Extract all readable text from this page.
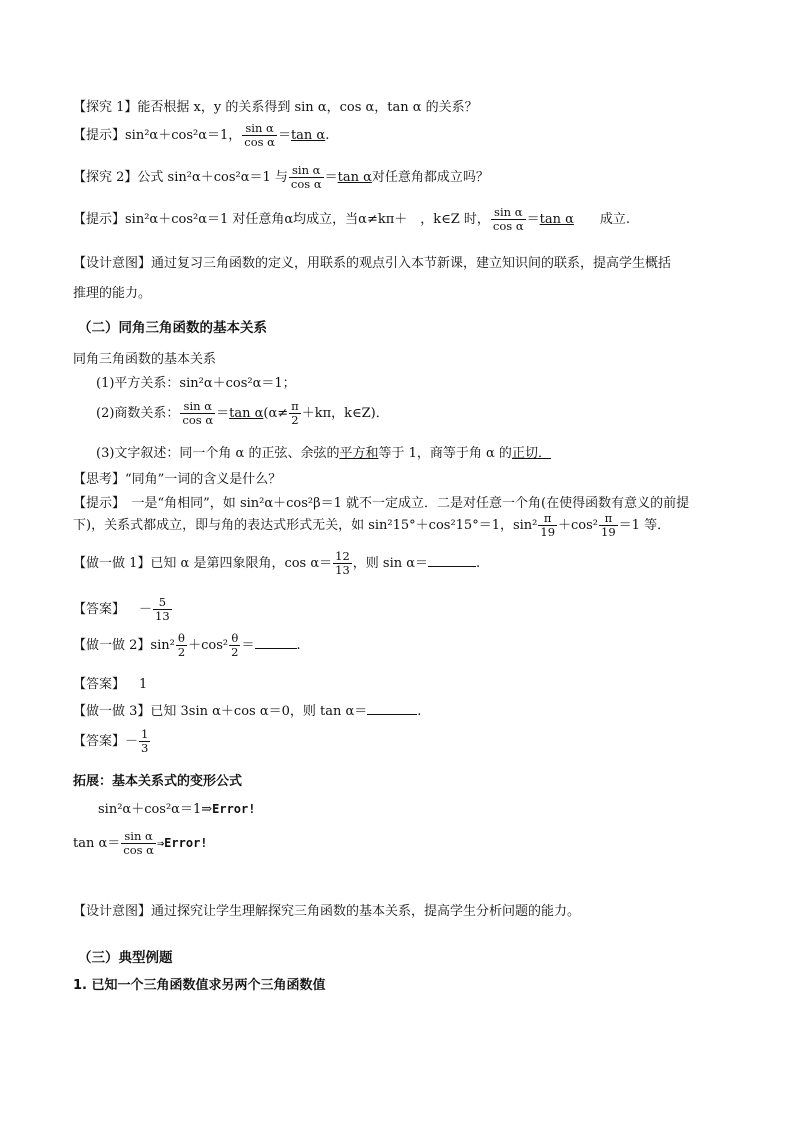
【探究 1】能否根据 x，y 的关系得到 sin α，cos α，tan α 的关系？
【提示】sin²α＋cos²α＝1， $\frac{\text{sin α}}{\text{cos α}} =\tan$ α.
【探究 2】公式 sin²α＋cos²α＝1 与 $\frac{\text{sin α}}{\text{cos α}} =\tan$ α对任意角都成立吗？
【提示】sin²α＋cos²α＝1 对任意角α均成立，当α≠kπ＋　，k∈Z 时， $\frac{\text{sin α}}{\text{cos α}} =\tan$ α 成立.
【设计意图】通过复习三角函数的定义，用联系的观点引入本节新课，建立知识间的联系，提高学生概括
推理的能力。
（二）同角三角函数的基本关系
同角三角函数的基本关系
(1)平方关系：sin²α＋cos²α＝1；
(2)商数关系： $\frac{\text{sin α}}{\text{cos α}} =\tan$ $\alpha(\alpha\ne \frac{\pi}{2} +k\pi$，k∈Z)．
(3)文字叙述：同一个角 α 的正弦、余弦的平方和等于 1，商等于角 α 的正切．
【思考】“同角”一词的含义是什么？
【提示】　一是“角相同”，如 sin²α＋cos²β＝1 就不一定成立．二是对任意一个角(在使得函数有意义的前提
下)，关系式都成立，即与角的表达式形式无关，如 sin²15°＋cos²15°＝1，$\sin^2 \frac{\pi}{19} +\cos^2 \frac{\pi}{19} =1$ 等．
【做一做 1】已知 α 是第四象限角，$\cos \alpha= \frac{12}{13}$ ，则 sin α＝	.
【答案】 － $\frac{5}{13}$
【做一做 2】$\sin^2 \frac{\theta}{2} +\cos^2 \frac{\theta}{2}$ ＝	.
【答案】 1
【做一做 3】已知 3sin α＋cos α＝0，则 tan α＝	.
【答案】－ $\frac{1}{3}$
拓展：基本关系式的变形公式
sin²α＋cos²α＝1⇒Error!
$\tan \alpha= \frac{\text{sin α}}{\text{cos α}}$ ⇒Error!
【设计意图】通过探究让学生理解探究三角函数的基本关系，提高学生分析问题的能力。
（三）典型例题
1. 已知一个三角函数值求另两个三角函数值
